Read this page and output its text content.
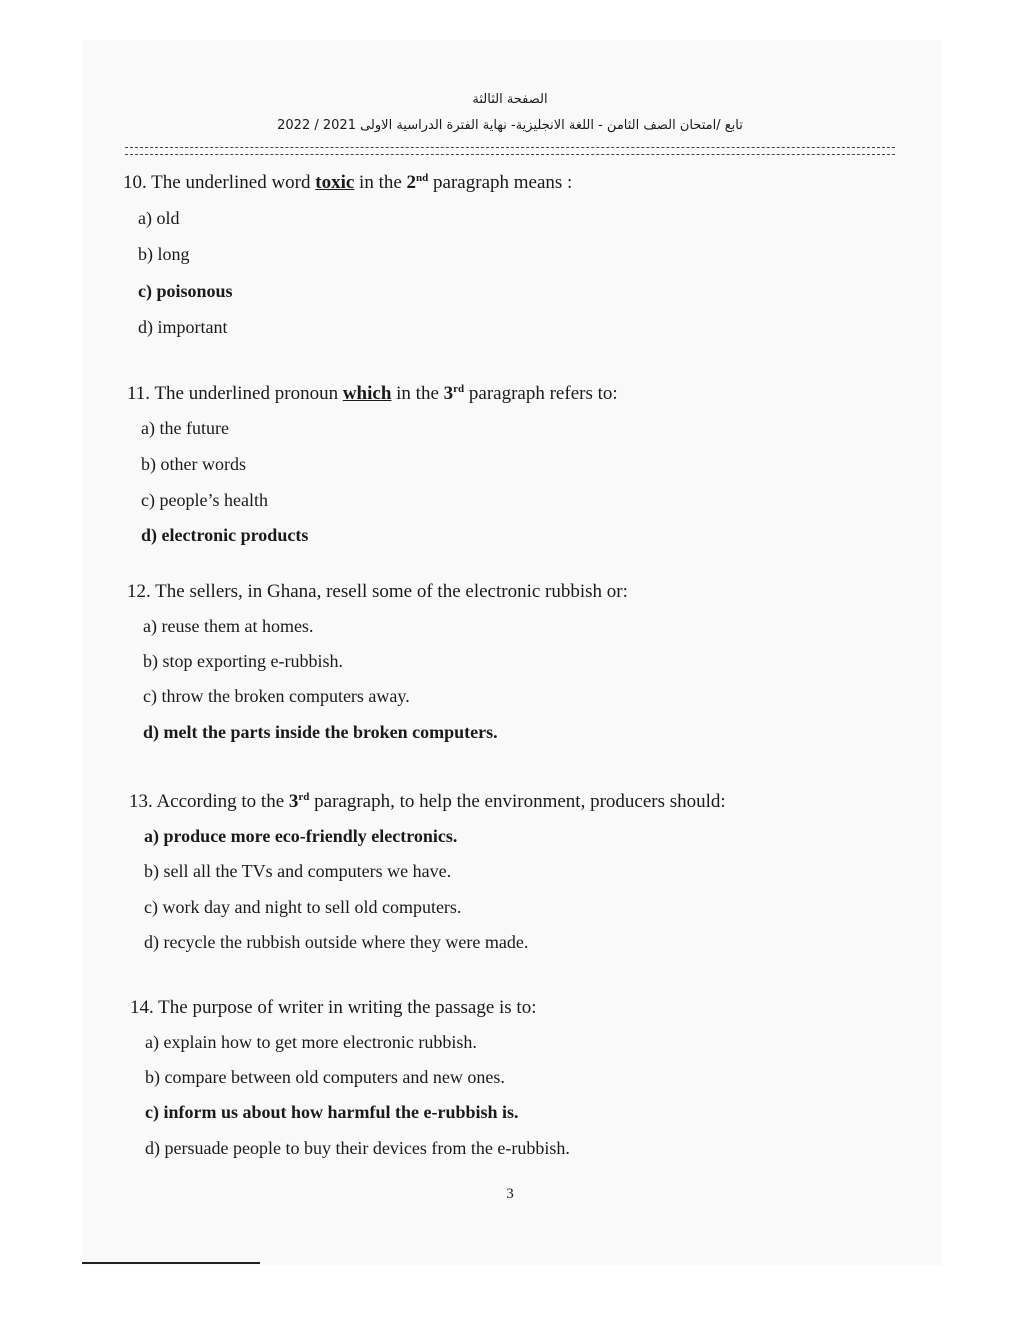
الصفحة الثالثة
تابع /امتحان الصف الثامن - اللغة الانجليزية- نهاية الفترة الدراسية الاولى 2021 / 2022
10. The underlined word toxic in the 2nd paragraph means :
a) old
b) long
c) poisonous
d) important
11. The underlined pronoun which in the 3rd paragraph refers to:
a) the future
b) other words
c) people’s health
d) electronic products
12. The sellers, in Ghana, resell some of the electronic rubbish or:
a) reuse them at homes.
b) stop exporting e-rubbish.
c) throw the broken computers away.
d) melt the parts inside the broken computers.
13. According to the 3rd paragraph, to help the environment, producers should:
a) produce more eco-friendly electronics.
b) sell all the TVs and computers we have.
c) work day and night to sell old computers.
d) recycle the rubbish outside where they were made.
14. The purpose of writer in writing the passage is to:
a) explain how to get more electronic rubbish.
b) compare between old computers and new ones.
c) inform us about how harmful the e-rubbish is.
d) persuade people to buy their devices from the e-rubbish.
3
